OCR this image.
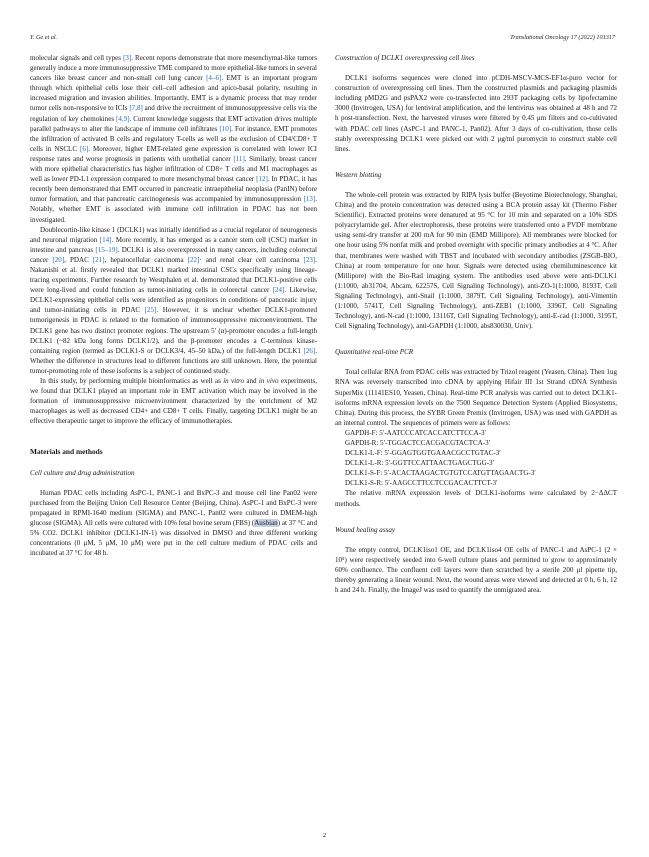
Y. Ge et al.	Translational Oncology 17 (2022) 101317

molecular signals and cell types [3]. Recent reports demonstrate that more mesenchymal-like tumors generally induce a more immunosuppressive TME compared to more epithelial-like tumors in several cancers like breast cancer and non-small cell lung cancer [4–6]. EMT is an important program through which epithelial cells lose their cell–cell adhesion and apico-basal polarity, resulting in increased migration and invasion abilities. Importantly, EMT is a dynamic process that may render tumor cells non-responsive to ICIs [7,8] and drive the recruitment of immunosuppressive cells via the regulation of key chemokines [4,9]. Current knowledge suggests that EMT activation drives multiple parallel pathways to alter the landscape of immune cell infiltrates [10]. For instance, EMT promotes the infiltration of activated B cells and regulatory T-cells as well as the exclusion of CD4/CD8+ T cells in NSCLC [6]. Moreover, higher EMT-related gene expression is correlated with lower ICI response rates and worse prognosis in patients with urothelial cancer [11]. Similarly, breast cancer with more epithelial characteristics has higher infiltration of CD8+ T cells and M1 macrophages as well as lower PD-L1 expression compared to more mesenchymal breast cancer [12]. In PDAC, it has recently been demonstrated that EMT occurred in pancreatic intraepithelial neoplasia (PanIN) before tumor formation, and that pancreatic carcinogenesis was accompanied by immunosuppression [13]. Notably, whether EMT is associated with immune cell infiltration in PDAC has not been investigated.

Doublecortin-like kinase 1 (DCLK1) was initially identified as a crucial regulator of neurogenesis and neuronal migration [14]. More recently, it has emerged as a cancer stem cell (CSC) marker in intestine and pancreas [15–19]. DCLK1 is also overexpressed in many cancers, including colorectal cancer [20], PDAC [21], hepatocellular carcinoma [22]· and renal clear cell carcinoma [23]. Nakanishi et al. firstly revealed that DCLK1 marked intestinal CSCs specifically using lineage-tracing experiments. Further research by Westphalen et al. demonstrated that DCLK1-positive cells were long-lived and could function as tumor-initiating cells in colorectal cancer [24]. Likewise, DCLK1-expressing epithelial cells were identified as progenitors in conditions of pancreatic injury and tumor-initiating cells in PDAC [25]. However, it is unclear whether DCLK1-promoted tumorigenesis in PDAC is related to the formation of immunosuppressive microenvironment. The DCLK1 gene has two distinct promoter regions. The upstream 5′ (α)-promoter encodes a full-length DCLK1 (~82 kDa long forms DCLK1/2), and the β-promoter encodes a C-terminus kinase-containing region (termed as DCLK1-S or DCLK3/4, 45–50 kDa,) of the full-length DCLK1 [26]. Whether the difference in structures lead to different functions are still unknown. Here, the potential tumor-promoting role of these isoforms is a subject of continued study.

In this study, by performing multiple bioinformatics as well as in vitro and in vivo experiments, we found that DCLK1 played an important role in EMT activation which may be involved in the formation of immunosuppressive microenvironment characterized by the enrichment of M2 macrophages as well as decreased CD4+ and CD8+ T cells. Finally, targeting DCLK1 might be an effective therapeutic target to improve the efficacy of immunotherapies.

Materials and methods

Cell culture and drug administration

Human PDAC cells including AsPC-1, PANC-1 and BxPC-3 and mouse cell line Pan02 were purchased from the Beijing Union Cell Resource Center (Beijing, China). AsPC-1 and BxPC-3 were propagated in RPMI-1640 medium (SIGMA) and PANC-1, Pan02 were cultured in DMEM-high glucose (SIGMA). All cells were cultured with 10% fetal bovine serum (FBS) (Ausbian) at 37 °C and 5% CO2. DCLK1 inhibitor (DCLK1-IN-1) was dissolved in DMSO and three different working concentrations (0 μM, 5 μM, 10 μM) were put in the cell culture medium of PDAC cells and incubated at 37 °C for 48 h.

Construction of DCLK1 overexpressing cell lines

DCLK1 isoforms sequences were cloned into pCDH-MSCV-MCS-EF1α-puro vector for construction of overexpressing cell lines. Then the constructed plasmids and packaging plasmids including pMD2G and psPAX2 were co-transfected into 293T packaging cells by lipofectamine 3000 (Invitrogen, USA) for lentiviral amplification, and the lentivirus was obtained at 48 h and 72 h post-transfection. Next, the harvested viruses were filtered by 0.45 μm filters and co-cultivated with PDAC cell lines (AsPC-1 and PANC-1, Pan02). After 3 days of co-cultivation, those cells stably overexpressing DCLK1 were picked out with 2 μg/ml puromycin to construct stable cell lines.

Western blotting

The whole-cell protein was extracted by RIPA lysis buffer (Beyotime Biotechnology, Shanghai, China) and the protein concentration was detected using a BCA protein assay kit (Thermo Fisher Scientific). Extracted proteins were denatured at 95 °C for 10 min and separated on a 10% SDS polyacrylamide gel. After electrophoresis, these proteins were transferred onto a PVDF membrane using semi-dry transfer at 200 mA for 90 min (EMD Millipore). All membranes were blocked for one hour using 5% nonfat milk and probed overnight with specific primary antibodies at 4 °C. After that, membranes were washed with TBST and incubated with secondary antibodies (ZSGB-BIO, China) at room temperature for one hour. Signals were detected using chemiluminescence kit (Millipore) with the Bio-Rad imaging system. The antibodies used above were anti-DCLK1 (1:1000, ab31704, Abcam, 62257S, Cell Signaling Technology), anti-ZO-1(1:1000, 8193T, Cell Signaling Technology), anti-Snail (1:1000, 3879T, Cell Signaling Technology), anti-Vimentin (1:1000, 5741T, Cell Signaling Technology), anti-ZEB1 (1:1000, 3396T, Cell Signaling Technology), anti-N-cad (1:1000, 13116T, Cell Signaling Technology), anti-E-cad (1:1000, 3195T, Cell Signaling Technology), anti-GAPDH (1:1000, abs830030, Univ).

Quantitative real-time PCR

Total cellular RNA from PDAC cells was extracted by Trizol reagent (Yeasen, China). Then 1ug RNA was reversely transcribed into cDNA by applying Hifair III 1st Strand cDNA Synthesis SuperMix (11141ES10, Yeasen, China). Real-time PCR analysis was carried out to detect DCLK1-isoforms mRNA expression levels on the 7500 Sequence Detection System (Applied Biosystems, China). During this process, the SYBR Green Premix (Invitrogen, USA) was used with GAPDH as an internal control. The sequences of primers were as follows:

GAPDH-F: 5′-AATCCCATCACCATCTTCCA-3′

GAPDH-R: 5′-TGGACTCCACGACGTACTCA-3′

DCLK1-L-F: 5′-GGAGTGGTGAAACGCCTGTAC-3′

DCLK1-L-R: 5′-GGTTCCATTAACTGAGCTGG-3′

DCLK1-S-F: 5′-ACACTAAGACTGTGTCCATGTTAGAACTG-3′

DCLK1-S-R: 5′-AAGCCTTCCTCCGACACTTCT-3′

The relative mRNA expression levels of DCLK1-isoforms were calculated by 2−ΔΔCT methods.

Wound healing assay

The empty control, DCLK1iso1 OE, and DCLK1iso4 OE cells of PANC-1 and AsPC-1 (2 × 10⁵) were respectively seeded into 6-well culture plates and permitted to grow to approximately 60% confluence. The confluent cell layers were then scratched by a sterile 200 μl pipette tip, thereby generating a linear wound. Next, the wound areas were viewed and detected at 0 h, 6 h, 12 h and 24 h. Finally, the ImageJ was used to quantify the unmigrated area.

2
